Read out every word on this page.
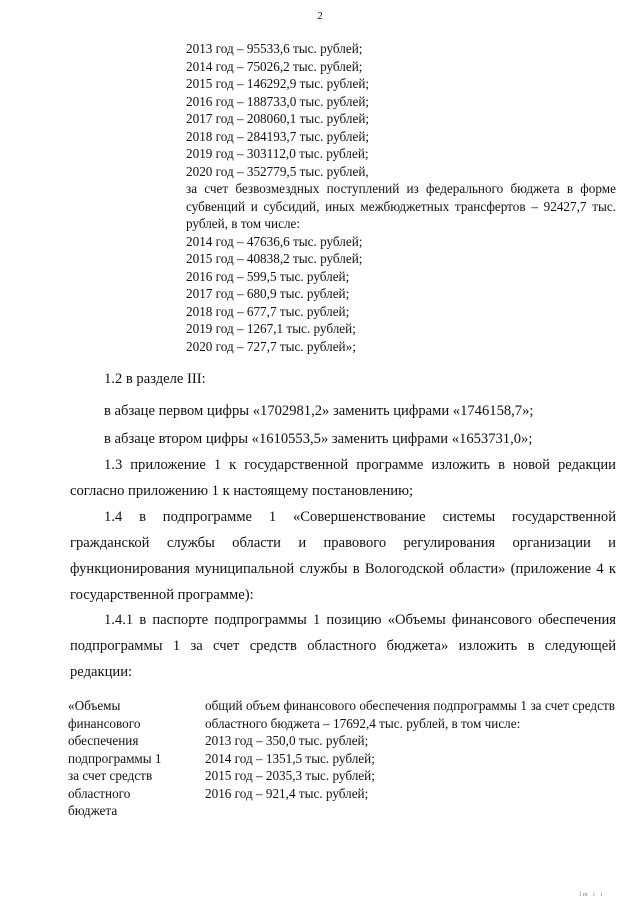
2
2013 год – 95533,6 тыс. рублей;
2014 год – 75026,2 тыс. рублей;
2015 год – 146292,9 тыс. рублей;
2016 год – 188733,0 тыс. рублей;
2017 год – 208060,1 тыс. рублей;
2018 год – 284193,7 тыс. рублей;
2019 год – 303112,0 тыс. рублей;
2020 год – 352779,5 тыс. рублей,
за счет безвозмездных поступлений из федерального бюджета в форме субвенций и субсидий, иных межбюджетных трансфертов – 92427,7 тыс. рублей, в том числе:
2014 год – 47636,6 тыс. рублей;
2015 год – 40838,2 тыс. рублей;
2016 год – 599,5 тыс. рублей;
2017 год – 680,9 тыс. рублей;
2018 год – 677,7 тыс. рублей;
2019 год – 1267,1 тыс. рублей;
2020 год – 727,7 тыс. рублей»;
1.2 в разделе III:
в абзаце первом цифры «1702981,2» заменить цифрами «1746158,7»;
в абзаце втором цифры «1610553,5» заменить цифрами «1653731,0»;
1.3 приложение 1 к государственной программе изложить в новой редакции согласно приложению 1 к настоящему постановлению;
1.4 в подпрограмме 1 «Совершенствование системы государственной гражданской службы области и правового регулирования организации и функционирования муниципальной службы в Вологодской области» (приложение 4 к государственной программе):
1.4.1 в паспорте подпрограммы 1 позицию «Объемы финансового обеспечения подпрограммы 1 за счет средств областного бюджета» изложить в следующей редакции:
«Объемы
финансового
обеспечения
подпрограммы 1
за счет средств
областного
бюджета
общий объем финансового обеспечения подпрограммы 1 за счет средств областного бюджета – 17692,4 тыс. рублей, в том числе:
2013 год – 350,0 тыс. рублей;
2014 год – 1351,5 тыс. рублей;
2015 год – 2035,3 тыс. рублей;
2016 год – 921,4 тыс. рублей;
lm i i
